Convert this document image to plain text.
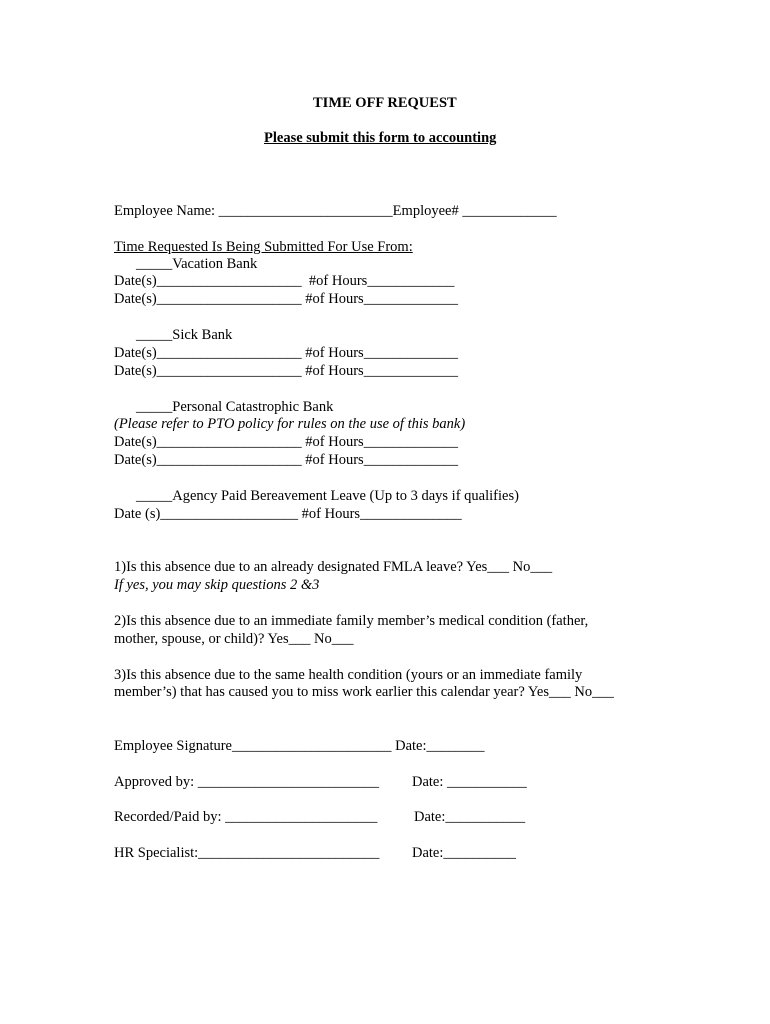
TIME OFF REQUEST
Please submit this form to accounting
Employee Name: ________________________Employee# _____________
Time Requested Is Being Submitted For Use From:
_____Vacation Bank
Date(s)____________________  #of Hours____________
Date(s)____________________ #of Hours_____________
_____Sick Bank
Date(s)____________________ #of Hours_____________
Date(s)____________________ #of Hours_____________
_____Personal Catastrophic Bank
(Please refer to PTO policy for rules on the use of this bank)
Date(s)____________________ #of Hours_____________
Date(s)____________________ #of Hours_____________
_____Agency Paid Bereavement Leave (Up to 3 days if qualifies)
Date (s)___________________ #of Hours______________
1)Is this absence due to an already designated FMLA leave? Yes___ No___
If yes, you may skip questions 2 &3
2)Is this absence due to an immediate family member’s medical condition (father,
mother, spouse, or child)? Yes___ No___
3)Is this absence due to the same health condition (yours or an immediate family
member’s) that has caused you to miss work earlier this calendar year? Yes___ No___
Employee Signature______________________ Date:________
Approved by: _________________________ Date: ___________
Recorded/Paid by: _____________________	Date:___________
HR Specialist:_________________________ Date:__________
